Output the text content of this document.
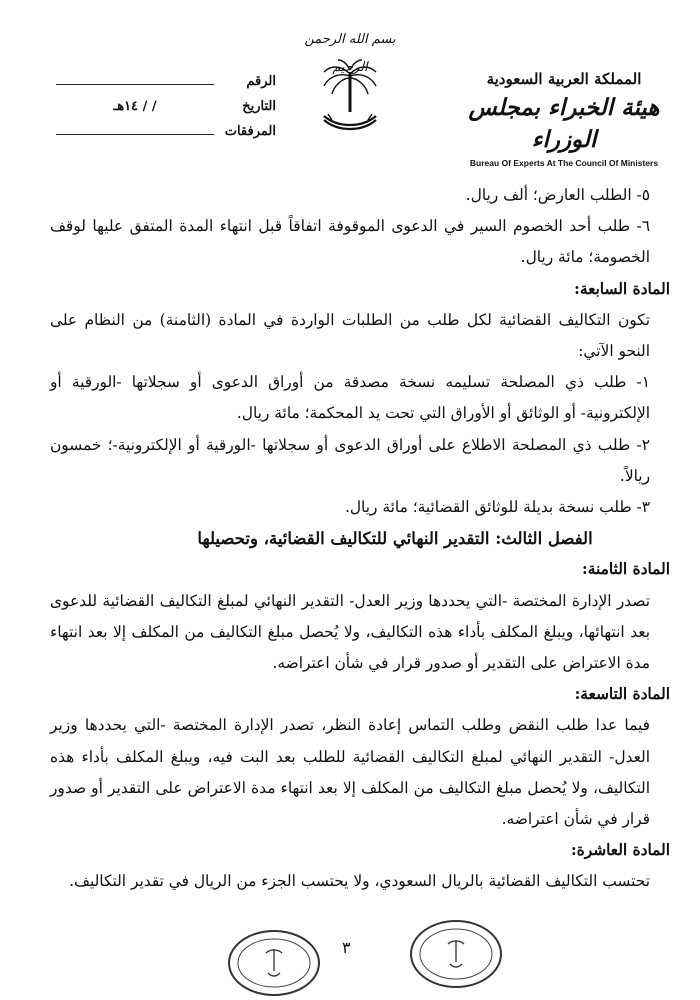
بسم الله الرحمن الرحيم
المملكة العربية السعودية
هيئة الخبراء بمجلس الوزراء
Bureau Of Experts At The Council Of Ministers
الرقم
التاريخ
/ / ١٤هـ
المرفقات

٥- الطلب العارض؛ ألف ريال.

٦- طلب أحد الخصوم السير في الدعوى الموقوفة اتفاقاً قبل انتهاء المدة المتفق عليها لوقف الخصومة؛ مائة ريال.

المادة السابعة:

تكون التكاليف القضائية لكل طلب من الطلبات الواردة في المادة (الثامنة) من النظام على النحو الآتي:

١- طلب ذي المصلحة تسليمه نسخة مصدقة من أوراق الدعوى أو سجلاتها -الورقية أو الإلكترونية- أو الوثائق أو الأوراق التي تحت يد المحكمة؛ مائة ريال.

٢- طلب ذي المصلحة الاطلاع على أوراق الدعوى أو سجلاتها -الورقية أو الإلكترونية-؛ خمسون ريالاً.

٣- طلب نسخة بديلة للوثائق القضائية؛ مائة ريال.

الفصل الثالث: التقدير النهائي للتكاليف القضائية، وتحصيلها

المادة الثامنة:

تصدر الإدارة المختصة -التي يحددها وزير العدل- التقدير النهائي لمبلغ التكاليف القضائية للدعوى بعد انتهائها، ويبلغ المكلف بأداء هذه التكاليف، ولا يُحصل مبلغ التكاليف من المكلف إلا بعد انتهاء مدة الاعتراض على التقدير أو صدور قرار في شأن اعتراضه.

المادة التاسعة:

فيما عدا طلب النقض وطلب التماس إعادة النظر، تصدر الإدارة المختصة -التي يحددها وزير العدل- التقدير النهائي لمبلغ التكاليف القضائية للطلب بعد البت فيه، ويبلغ المكلف بأداء هذه التكاليف، ولا يُحصل مبلغ التكاليف من المكلف إلا بعد انتهاء مدة الاعتراض على التقدير أو صدور قرار في شأن اعتراضه.

المادة العاشرة:

تحتسب التكاليف القضائية بالريال السعودي، ولا يحتسب الجزء من الريال في تقدير التكاليف.

٣
